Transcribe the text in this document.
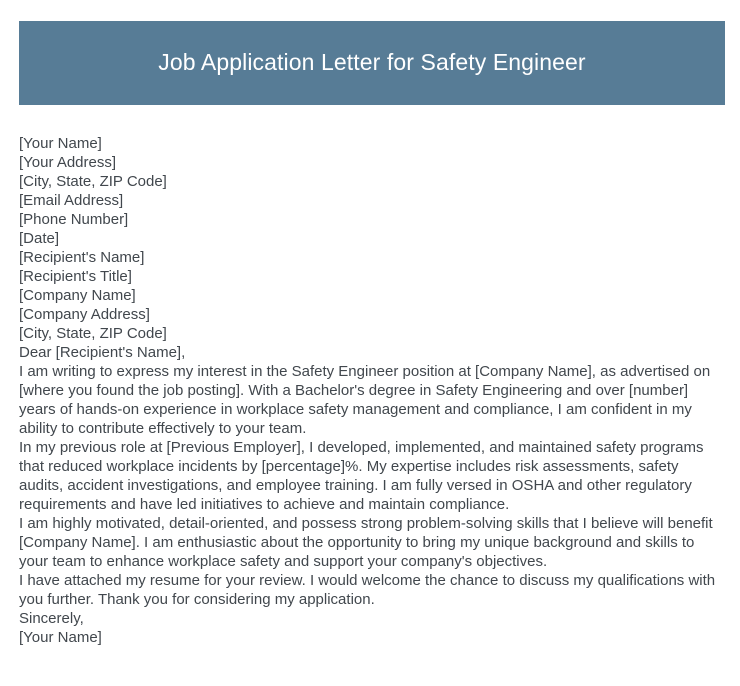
Job Application Letter for Safety Engineer

[Your Name]

[Your Address]

[City, State, ZIP Code]

[Email Address]

[Phone Number]

[Date]

[Recipient's Name]

[Recipient's Title]

[Company Name]

[Company Address]

[City, State, ZIP Code]

Dear [Recipient's Name],

I am writing to express my interest in the Safety Engineer position at [Company Name], as advertised on [where you found the job posting]. With a Bachelor's degree in Safety Engineering and over [number] years of hands-on experience in workplace safety management and compliance, I am confident in my ability to contribute effectively to your team.

In my previous role at [Previous Employer], I developed, implemented, and maintained safety programs that reduced workplace incidents by [percentage]%. My expertise includes risk assessments, safety audits, accident investigations, and employee training. I am fully versed in OSHA and other regulatory requirements and have led initiatives to achieve and maintain compliance.

I am highly motivated, detail-oriented, and possess strong problem-solving skills that I believe will benefit [Company Name]. I am enthusiastic about the opportunity to bring my unique background and skills to your team to enhance workplace safety and support your company's objectives.

I have attached my resume for your review. I would welcome the chance to discuss my qualifications with you further. Thank you for considering my application.

Sincerely,

[Your Name]
